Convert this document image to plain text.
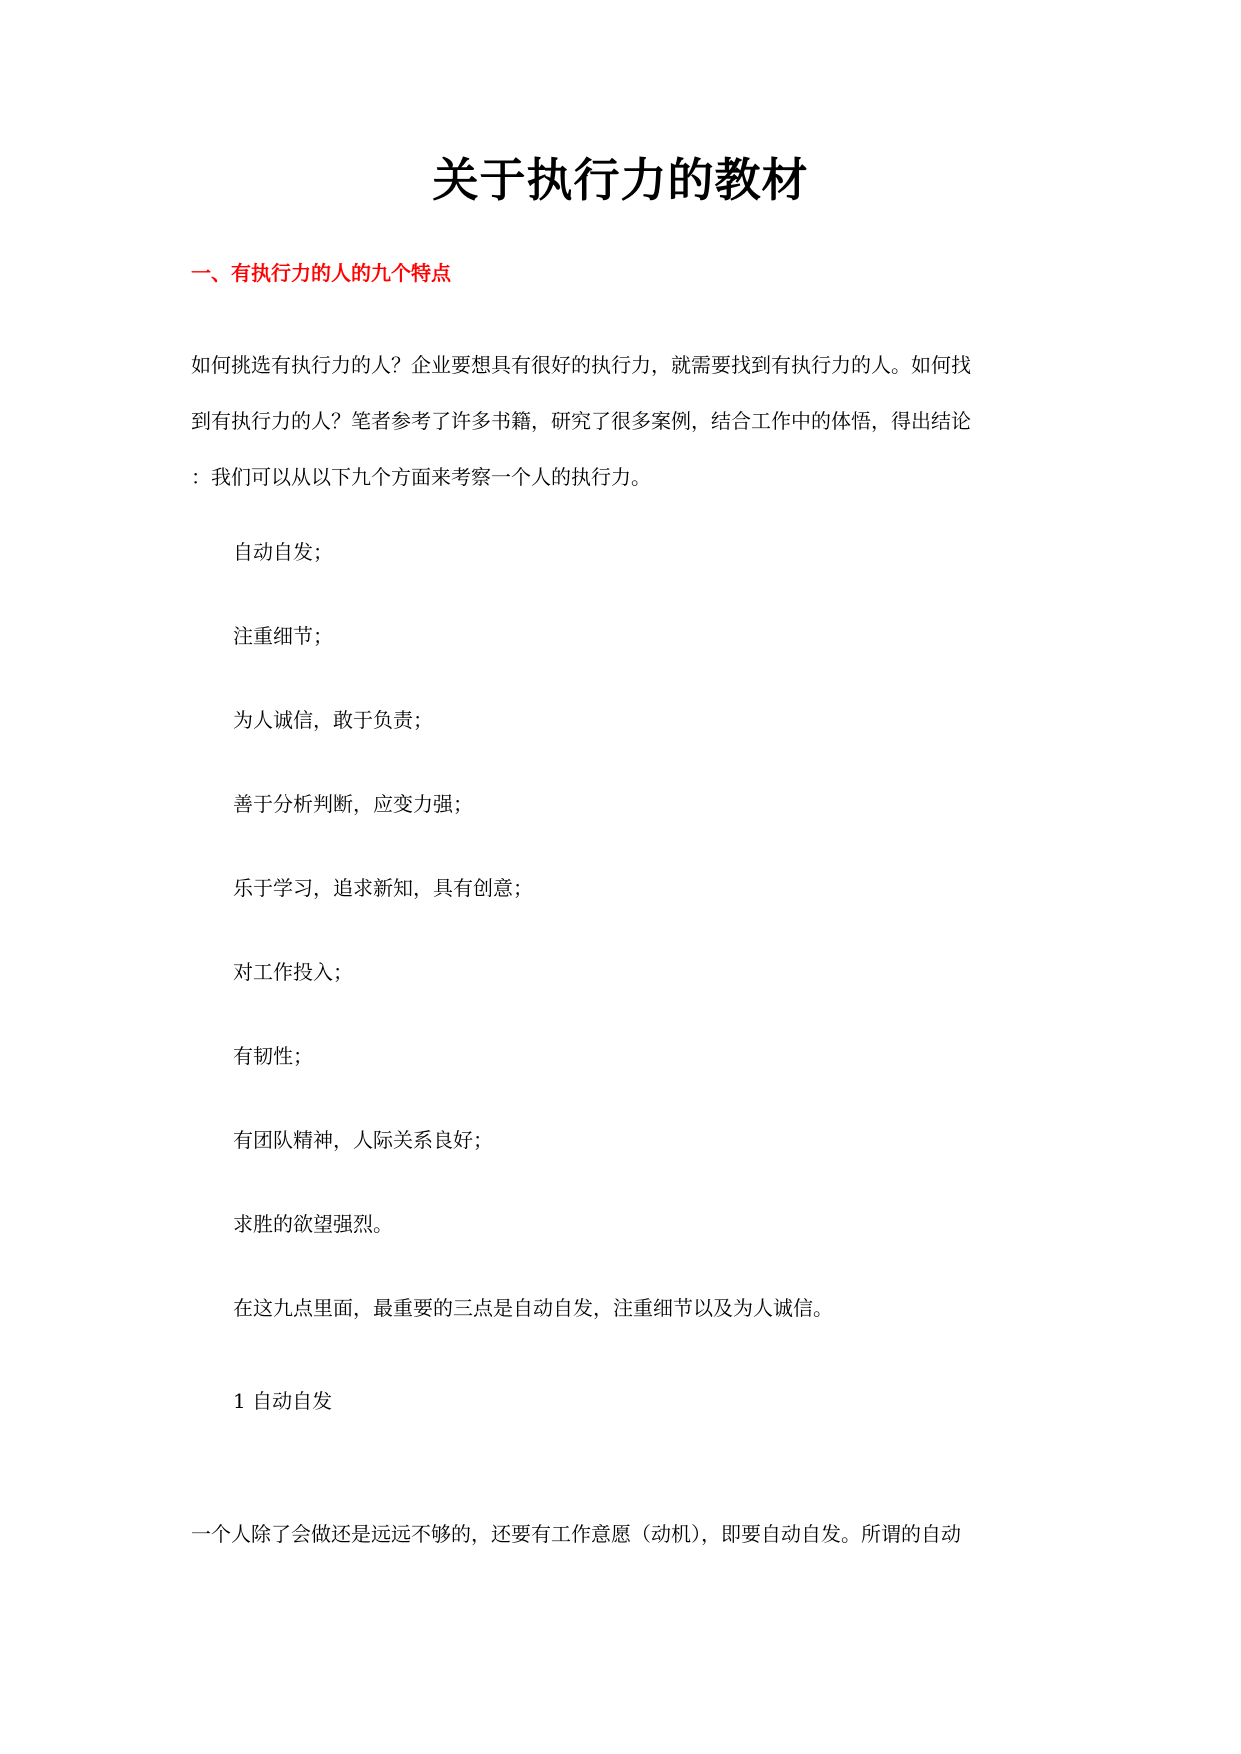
关于执行力的教材
一、有执行力的人的九个特点
如何挑选有执行力的人？企业要想具有很好的执行力，就需要找到有执行力的人。如何找
到有执行力的人？笔者参考了许多书籍，研究了很多案例，结合工作中的体悟，得出结论
：我们可以从以下九个方面来考察一个人的执行力。
自动自发；
注重细节；
为人诚信，敢于负责；
善于分析判断，应变力强；
乐于学习，追求新知，具有创意；
对工作投入；
有韧性；
有团队精神，人际关系良好；
求胜的欲望强烈。
在这九点里面，最重要的三点是自动自发，注重细节以及为人诚信。
1 自动自发
一个人除了会做还是远远不够的，还要有工作意愿（动机），即要自动自发。所谓的自动
